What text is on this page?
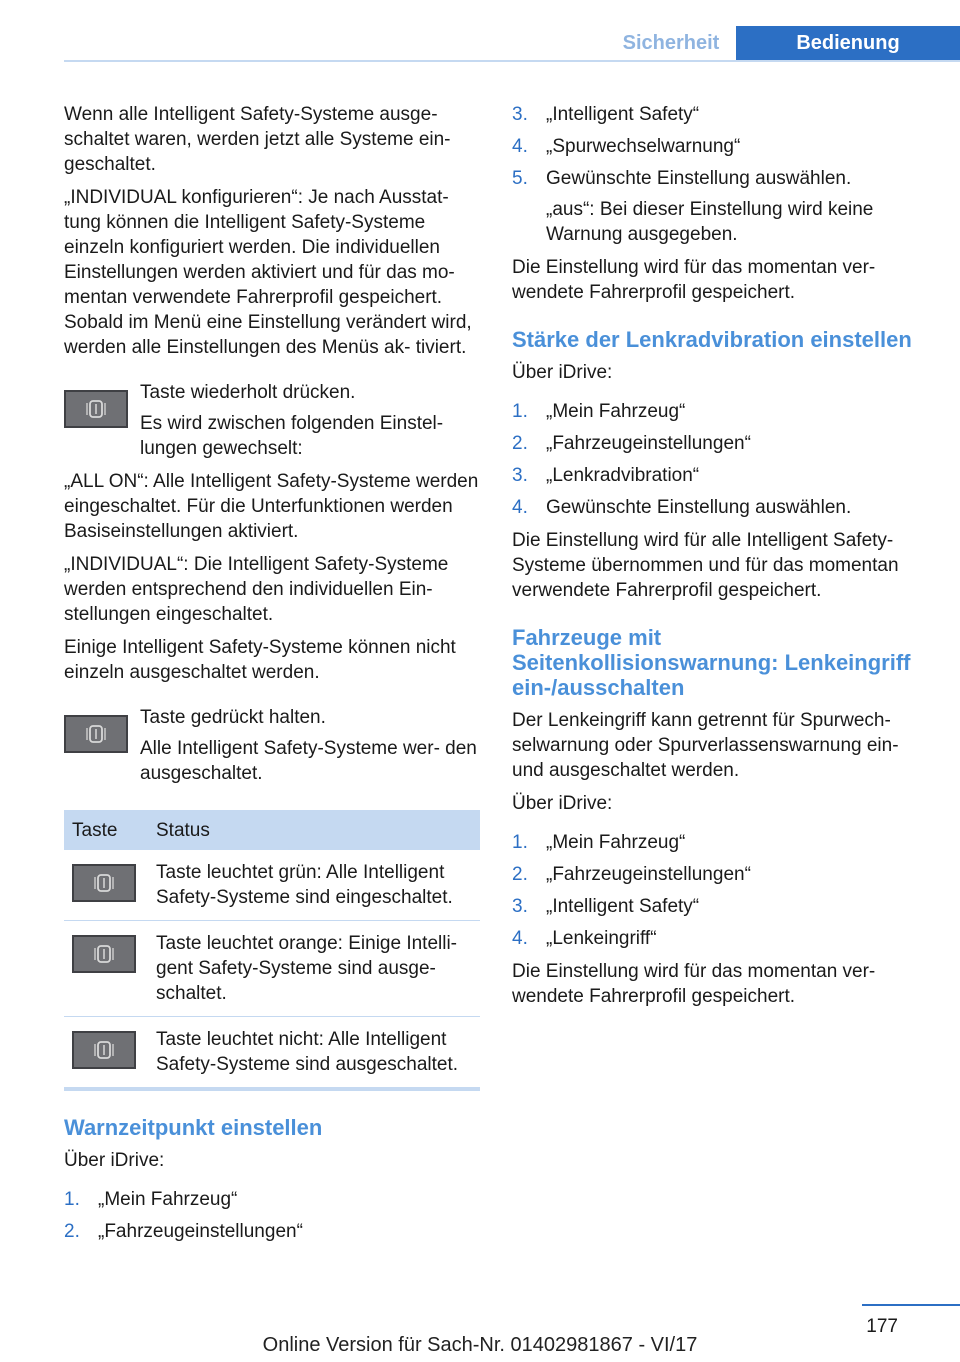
Sicherheit	Bedienung

Wenn alle Intelligent Safety-Systeme ausge‐ schaltet waren, werden jetzt alle Systeme ein‐ geschaltet.

„INDIVIDUAL konfigurieren“: Je nach Ausstat‐ tung können die Intelligent Safety-Systeme einzeln konfiguriert werden. Die individuellen Einstellungen werden aktiviert und für das mo‐ mentan verwendete Fahrerprofil gespeichert. Sobald im Menü eine Einstellung verändert wird, werden alle Einstellungen des Menüs ak‐ tiviert.

Taste wiederholt drücken.
Es wird zwischen folgenden Einstel‐ lungen gewechselt:

„ALL ON“: Alle Intelligent Safety-Systeme werden eingeschaltet. Für die Unterfunktionen werden Basiseinstellungen aktiviert.

„INDIVIDUAL“: Die Intelligent Safety-Systeme werden entsprechend den individuellen Ein‐ stellungen eingeschaltet.

Einige Intelligent Safety-Systeme können nicht einzeln ausgeschaltet werden.

Taste gedrückt halten.
Alle Intelligent Safety-Systeme wer‐ den ausgeschaltet.
Taste	Status

	Taste leuchtet grün: Alle Intelligent Safety-Systeme sind eingeschaltet.

	Taste leuchtet orange: Einige Intelli‐ gent Safety-Systeme sind ausge‐ schaltet.

	Taste leuchtet nicht: Alle Intelligent Safety-Systeme sind ausgeschaltet.
Warnzeitpunkt einstellen

Über iDrive:

1. „Mein Fahrzeug“
2. „Fahrzeugeinstellungen“
3. „Intelligent Safety“
4. „Spurwechselwarnung“
5. Gewünschte Einstellung auswählen.
„aus“: Bei dieser Einstellung wird keine Warnung ausgegeben.

Die Einstellung wird für das momentan ver‐ wendete Fahrerprofil gespeichert.

Stärke der Lenkradvibration einstellen

Über iDrive:

1. „Mein Fahrzeug“
2. „Fahrzeugeinstellungen“
3. „Lenkradvibration“
4. Gewünschte Einstellung auswählen.

Die Einstellung wird für alle Intelligent Safety-Systeme übernommen und für das momentan verwendete Fahrerprofil gespeichert.

Fahrzeuge mit Seitenkollisionswarnung: Lenkeingriff ein-/ausschalten

Der Lenkeingriff kann getrennt für Spurwech‐ selwarnung oder Spurverlassenswarnung ein- und ausgeschaltet werden.

Über iDrive:

1. „Mein Fahrzeug“
2. „Fahrzeugeinstellungen“
3. „Intelligent Safety“
4. „Lenkeingriff“

Die Einstellung wird für das momentan ver‐ wendete Fahrerprofil gespeichert.

177
Online Version für Sach-Nr. 01402981867 - VI/17
